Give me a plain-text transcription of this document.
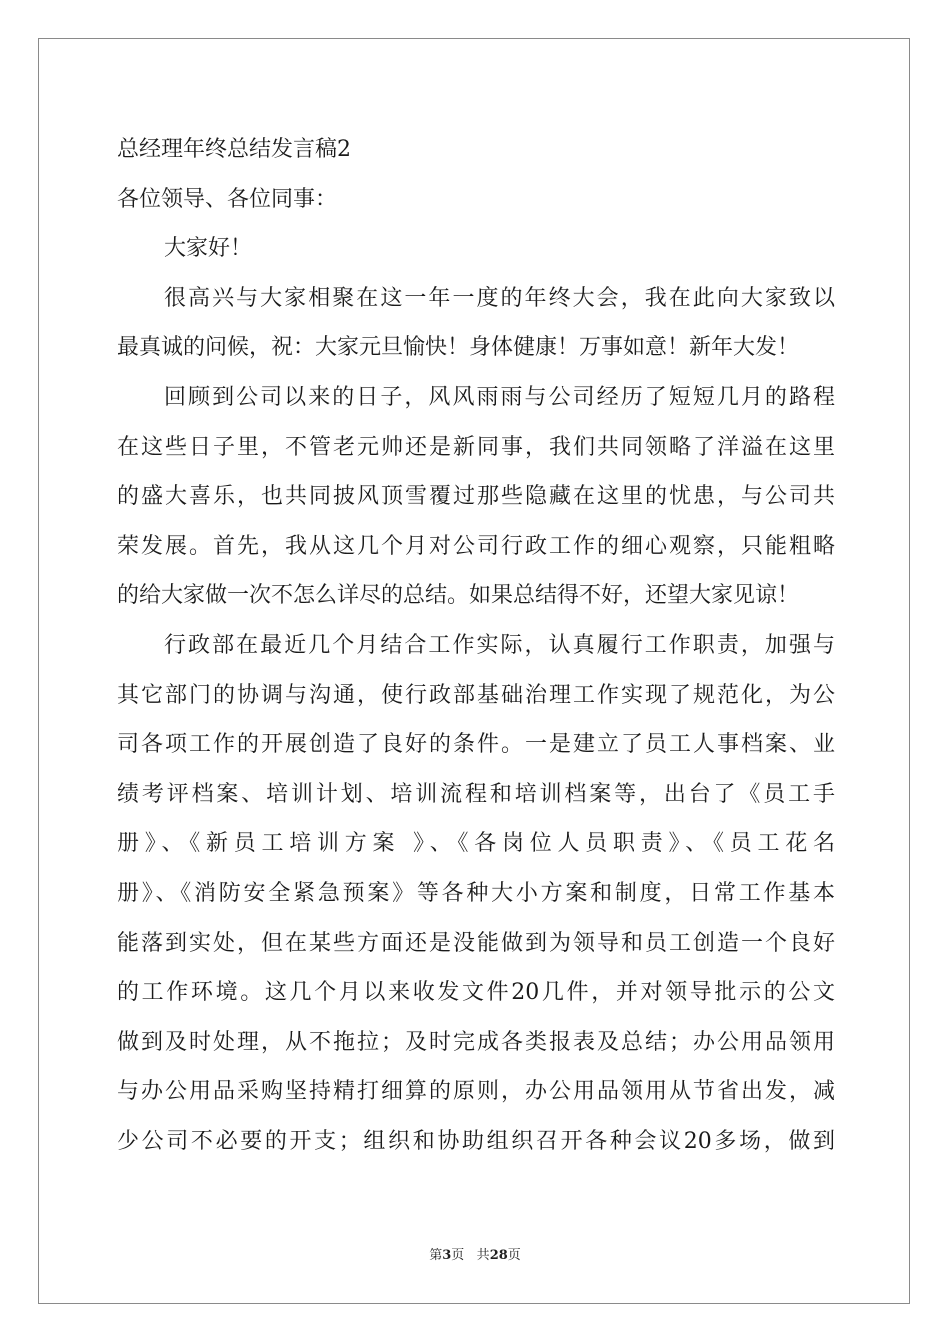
总经理年终总结发言稿2
各位领导、各位同事：
大家好！
很高兴与大家相聚在这一年一度的年终大会，我在此向大家致以
最真诚的问候，祝：大家元旦愉快！身体健康！万事如意！新年大发！
回顾到公司以来的日子，风风雨雨与公司经历了短短几月的路程
在这些日子里，不管老元帅还是新同事，我们共同领略了洋溢在这里
的盛大喜乐，也共同披风顶雪覆过那些隐藏在这里的忧患，与公司共
荣发展。首先，我从这几个月对公司行政工作的细心观察，只能粗略
的给大家做一次不怎么详尽的总结。如果总结得不好，还望大家见谅！
行政部在最近几个月结合工作实际，认真履行工作职责，加强与
其它部门的协调与沟通，使行政部基础治理工作实现了规范化，为公
司各项工作的开展创造了良好的条件。一是建立了员工人事档案、业
绩考评档案、培训计划、培训流程和培训档案等，出台了《员工手
册》、《新员工培训方案 》、《各岗位人员职责》、《员工花名
册》、《消防安全紧急预案》等各种大小方案和制度，日常工作基本
能落到实处，但在某些方面还是没能做到为领导和员工创造一个良好
的工作环境。这几个月以来收发文件20几件，并对领导批示的公文
做到及时处理，从不拖拉；及时完成各类报表及总结；办公用品领用
与办公用品采购坚持精打细算的原则，办公用品领用从节省出发，减
少公司不必要的开支；组织和协助组织召开各种会议20多场，做到
第3页 共28页
